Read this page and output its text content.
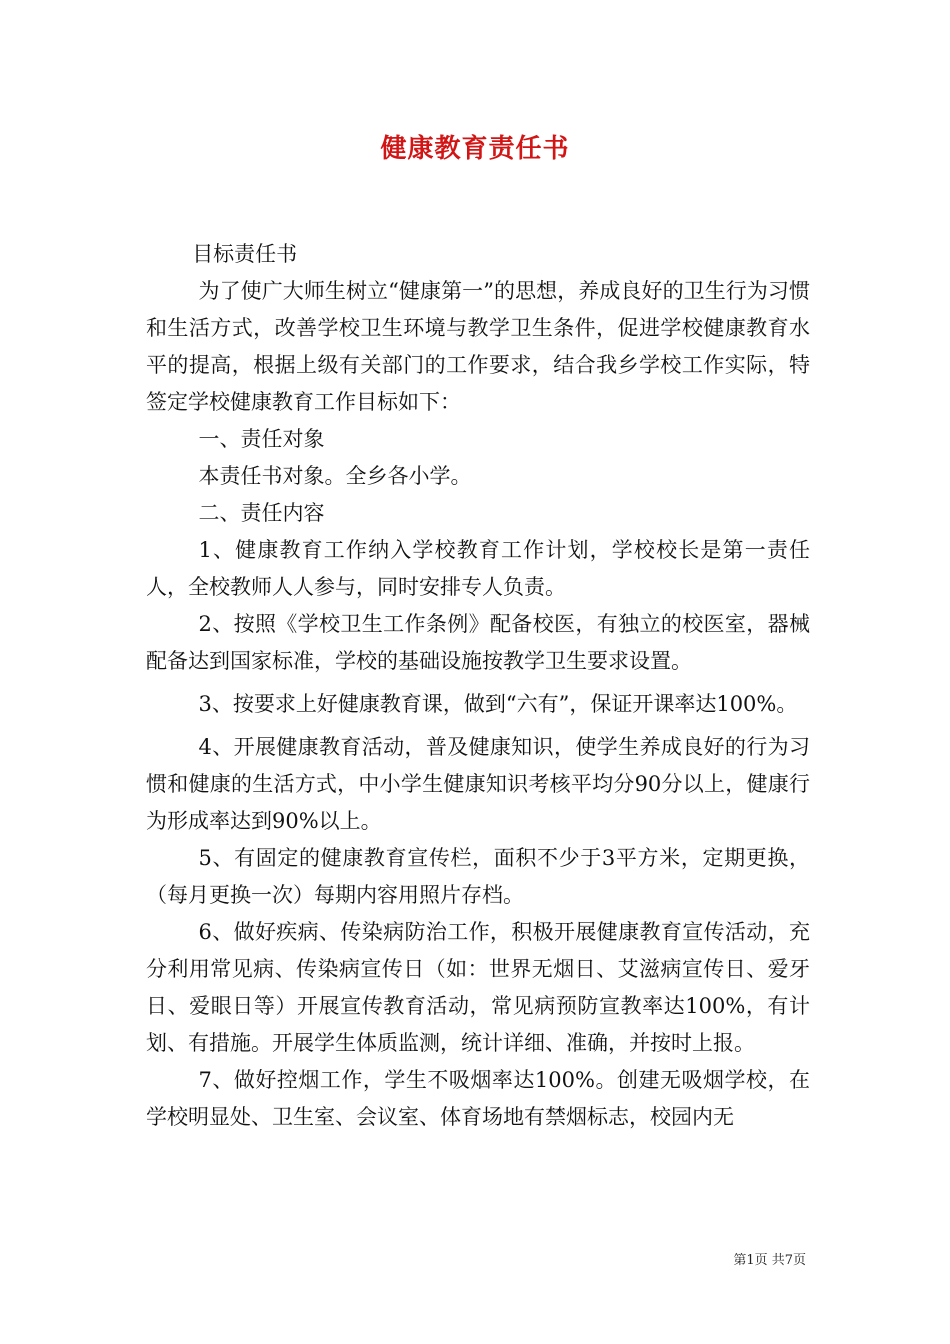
健康教育责任书

目标责任书

为了使广大师生树立“健康第一”的思想，养成良好的卫生行为习惯和生活方式，改善学校卫生环境与教学卫生条件，促进学校健康教育水平的提高，根据上级有关部门的工作要求，结合我乡学校工作实际，特签定学校健康教育工作目标如下：

一、责任对象

本责任书对象。全乡各小学。

二、责任内容

1、健康教育工作纳入学校教育工作计划，学校校长是第一责任人，全校教师人人参与，同时安排专人负责。

2、按照《学校卫生工作条例》配备校医，有独立的校医室，器械配备达到国家标准，学校的基础设施按教学卫生要求设置。

3、按要求上好健康教育课，做到“六有”，保证开课率达100%。

4、开展健康教育活动，普及健康知识，使学生养成良好的行为习惯和健康的生活方式，中小学生健康知识考核平均分90分以上，健康行为形成率达到90%以上。

5、有固定的健康教育宣传栏，面积不少于3平方米，定期更换，（每月更换一次）每期内容用照片存档。

6、做好疾病、传染病防治工作，积极开展健康教育宣传活动，充分利用常见病、传染病宣传日（如：世界无烟日、艾滋病宣传日、爱牙日、爱眼日等）开展宣传教育活动，常见病预防宣教率达100%，有计划、有措施。开展学生体质监测，统计详细、准确，并按时上报。

7、做好控烟工作，学生不吸烟率达100%。创建无吸烟学校，在学校明显处、卫生室、会议室、体育场地有禁烟标志，校园内无

第1页 共7页
